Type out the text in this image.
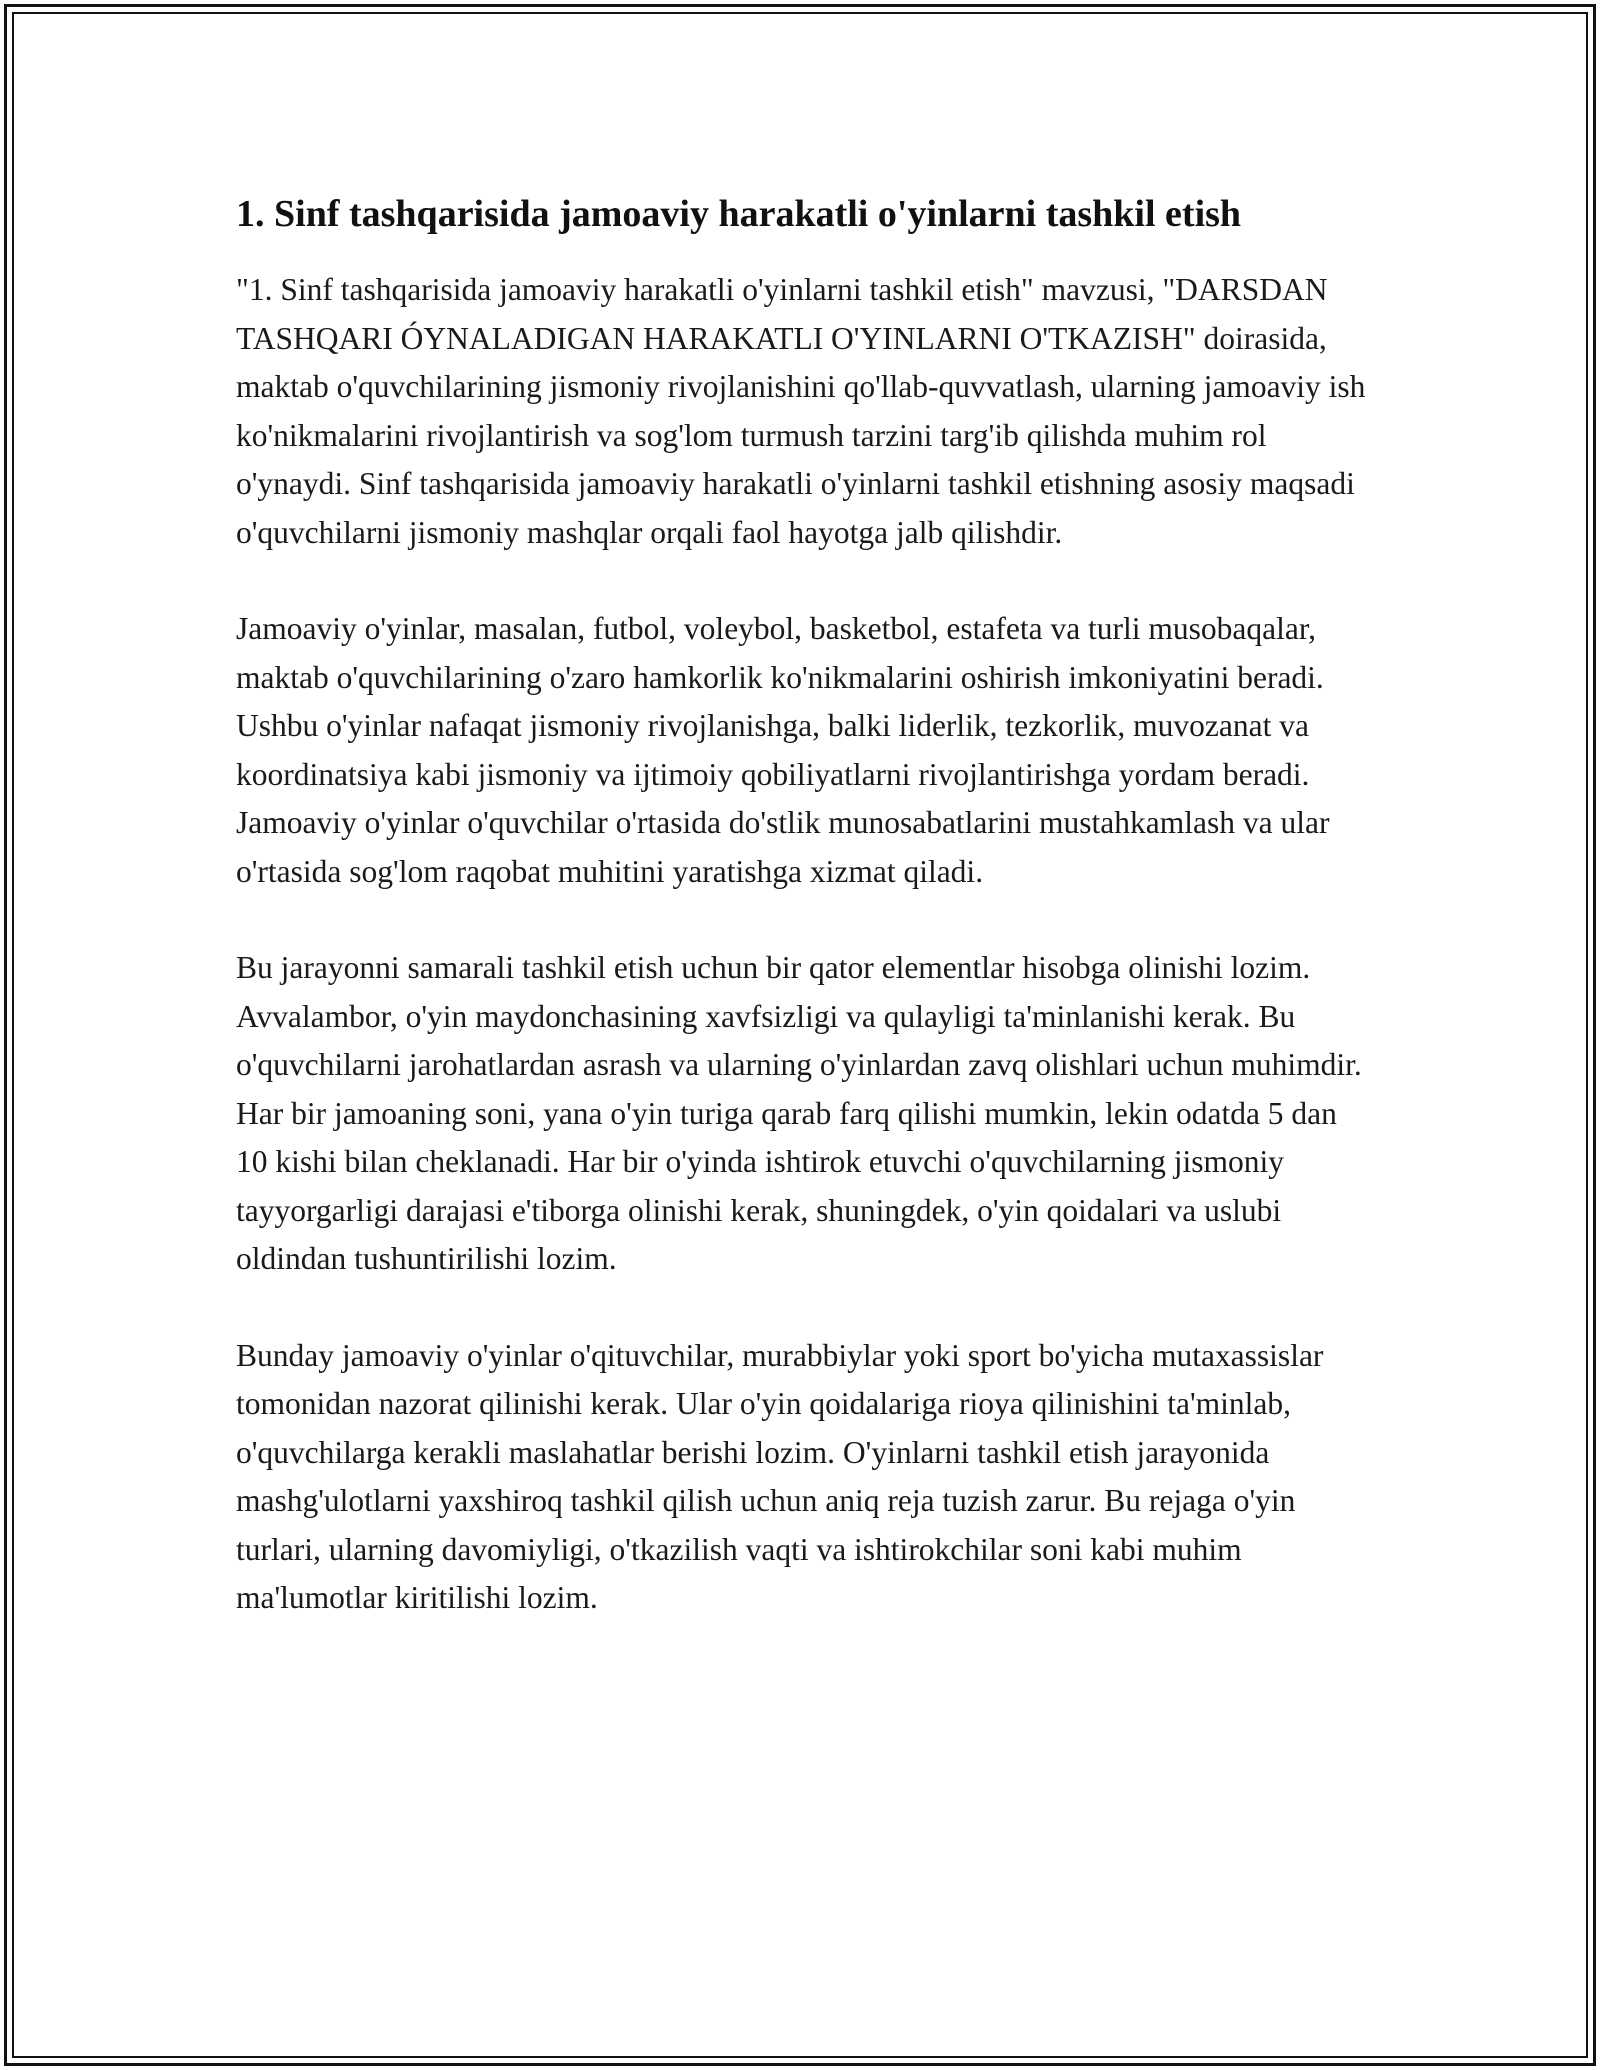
1. Sinf tashqarisida jamoaviy harakatli o'yinlarni tashkil etish

"1. Sinf tashqarisida jamoaviy harakatli o'yinlarni tashkil etish" mavzusi, "DARSDAN TASHQARI ÓYNALADIGAN HARAKATLI O'YINLARNI O'TKAZISH" doirasida, maktab o'quvchilarining jismoniy rivojlanishini qo'llab-quvvatlash, ularning jamoaviy ish ko'nikmalarini rivojlantirish va sog'lom turmush tarzini targ'ib qilishda muhim rol o'ynaydi. Sinf tashqarisida jamoaviy harakatli o'yinlarni tashkil etishning asosiy maqsadi o'quvchilarni jismoniy mashqlar orqali faol hayotga jalb qilishdir.

Jamoaviy o'yinlar, masalan, futbol, voleybol, basketbol, estafeta va turli musobaqalar, maktab o'quvchilarining o'zaro hamkorlik ko'nikmalarini oshirish imkoniyatini beradi. Ushbu o'yinlar nafaqat jismoniy rivojlanishga, balki liderlik, tezkorlik, muvozanat va koordinatsiya kabi jismoniy va ijtimoiy qobiliyatlarni rivojlantirishga yordam beradi. Jamoaviy o'yinlar o'quvchilar o'rtasida do'stlik munosabatlarini mustahkamlash va ular o'rtasida sog'lom raqobat muhitini yaratishga xizmat qiladi.

Bu jarayonni samarali tashkil etish uchun bir qator elementlar hisobga olinishi lozim. Avvalambor, o'yin maydonchasining xavfsizligi va qulayligi ta'minlanishi kerak. Bu o'quvchilarni jarohatlardan asrash va ularning o'yinlardan zavq olishlari uchun muhimdir. Har bir jamoaning soni, yana o'yin turiga qarab farq qilishi mumkin, lekin odatda 5 dan 10 kishi bilan cheklanadi. Har bir o'yinda ishtirok etuvchi o'quvchilarning jismoniy tayyorgarligi darajasi e'tiborga olinishi kerak, shuningdek, o'yin qoidalari va uslubi oldindan tushuntirilishi lozim.

Bunday jamoaviy o'yinlar o'qituvchilar, murabbiylar yoki sport bo'yicha mutaxassislar tomonidan nazorat qilinishi kerak. Ular o'yin qoidalariga rioya qilinishini ta'minlab, o'quvchilarga kerakli maslahatlar berishi lozim. O'yinlarni tashkil etish jarayonida mashg'ulotlarni yaxshiroq tashkil qilish uchun aniq reja tuzish zarur. Bu rejaga o'yin turlari, ularning davomiyligi, o'tkazilish vaqti va ishtirokchilar soni kabi muhim ma'lumotlar kiritilishi lozim.
